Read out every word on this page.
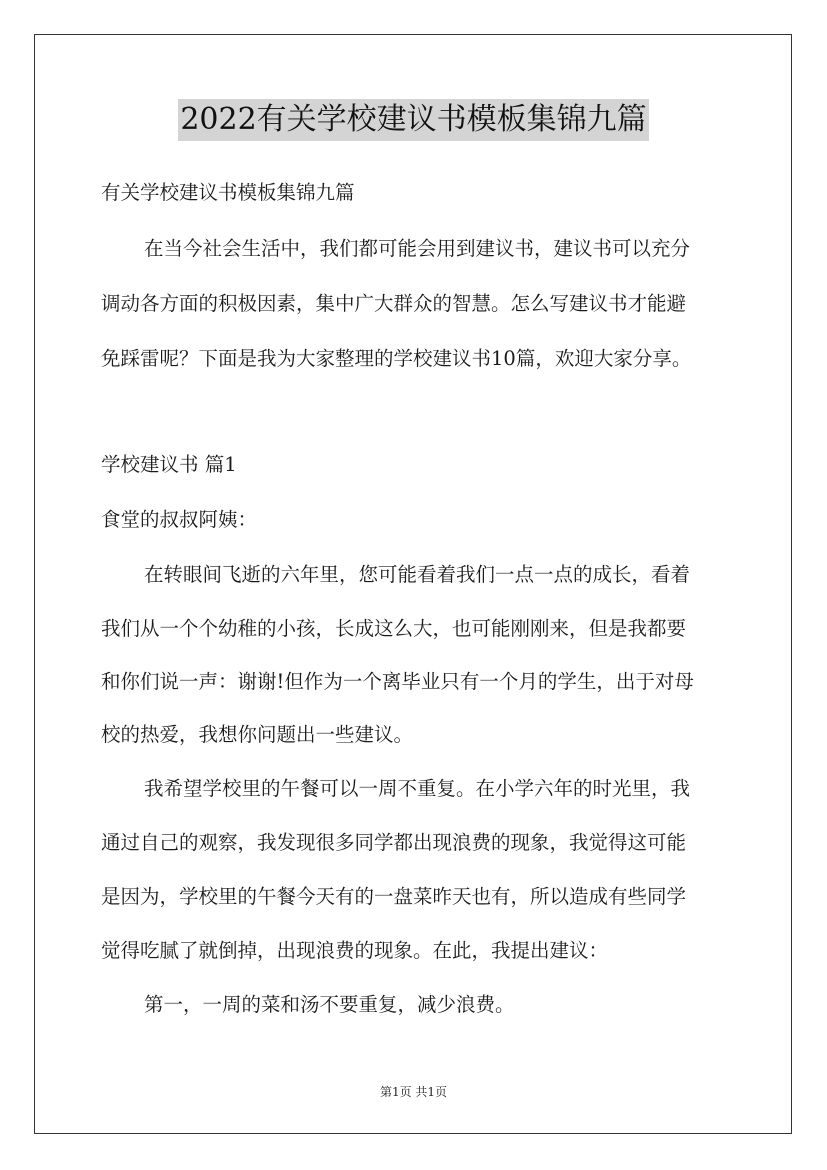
2022有关学校建议书模板集锦九篇
有关学校建议书模板集锦九篇
在当今社会生活中，我们都可能会用到建议书，建议书可以充分
调动各方面的积极因素，集中广大群众的智慧。怎么写建议书才能避
免踩雷呢？下面是我为大家整理的学校建议书10篇，欢迎大家分享。
学校建议书 篇1
食堂的叔叔阿姨：
在转眼间飞逝的六年里，您可能看着我们一点一点的成长，看着
我们从一个个幼稚的小孩，长成这么大，也可能刚刚来，但是我都要
和你们说一声：谢谢!但作为一个离毕业只有一个月的学生，出于对母
校的热爱，我想你问题出一些建议。
我希望学校里的午餐可以一周不重复。在小学六年的时光里，我
通过自己的观察，我发现很多同学都出现浪费的现象，我觉得这可能
是因为，学校里的午餐今天有的一盘菜昨天也有，所以造成有些同学
觉得吃腻了就倒掉，出现浪费的现象。在此，我提出建议：
第一，一周的菜和汤不要重复，减少浪费。
第1页 共1页
